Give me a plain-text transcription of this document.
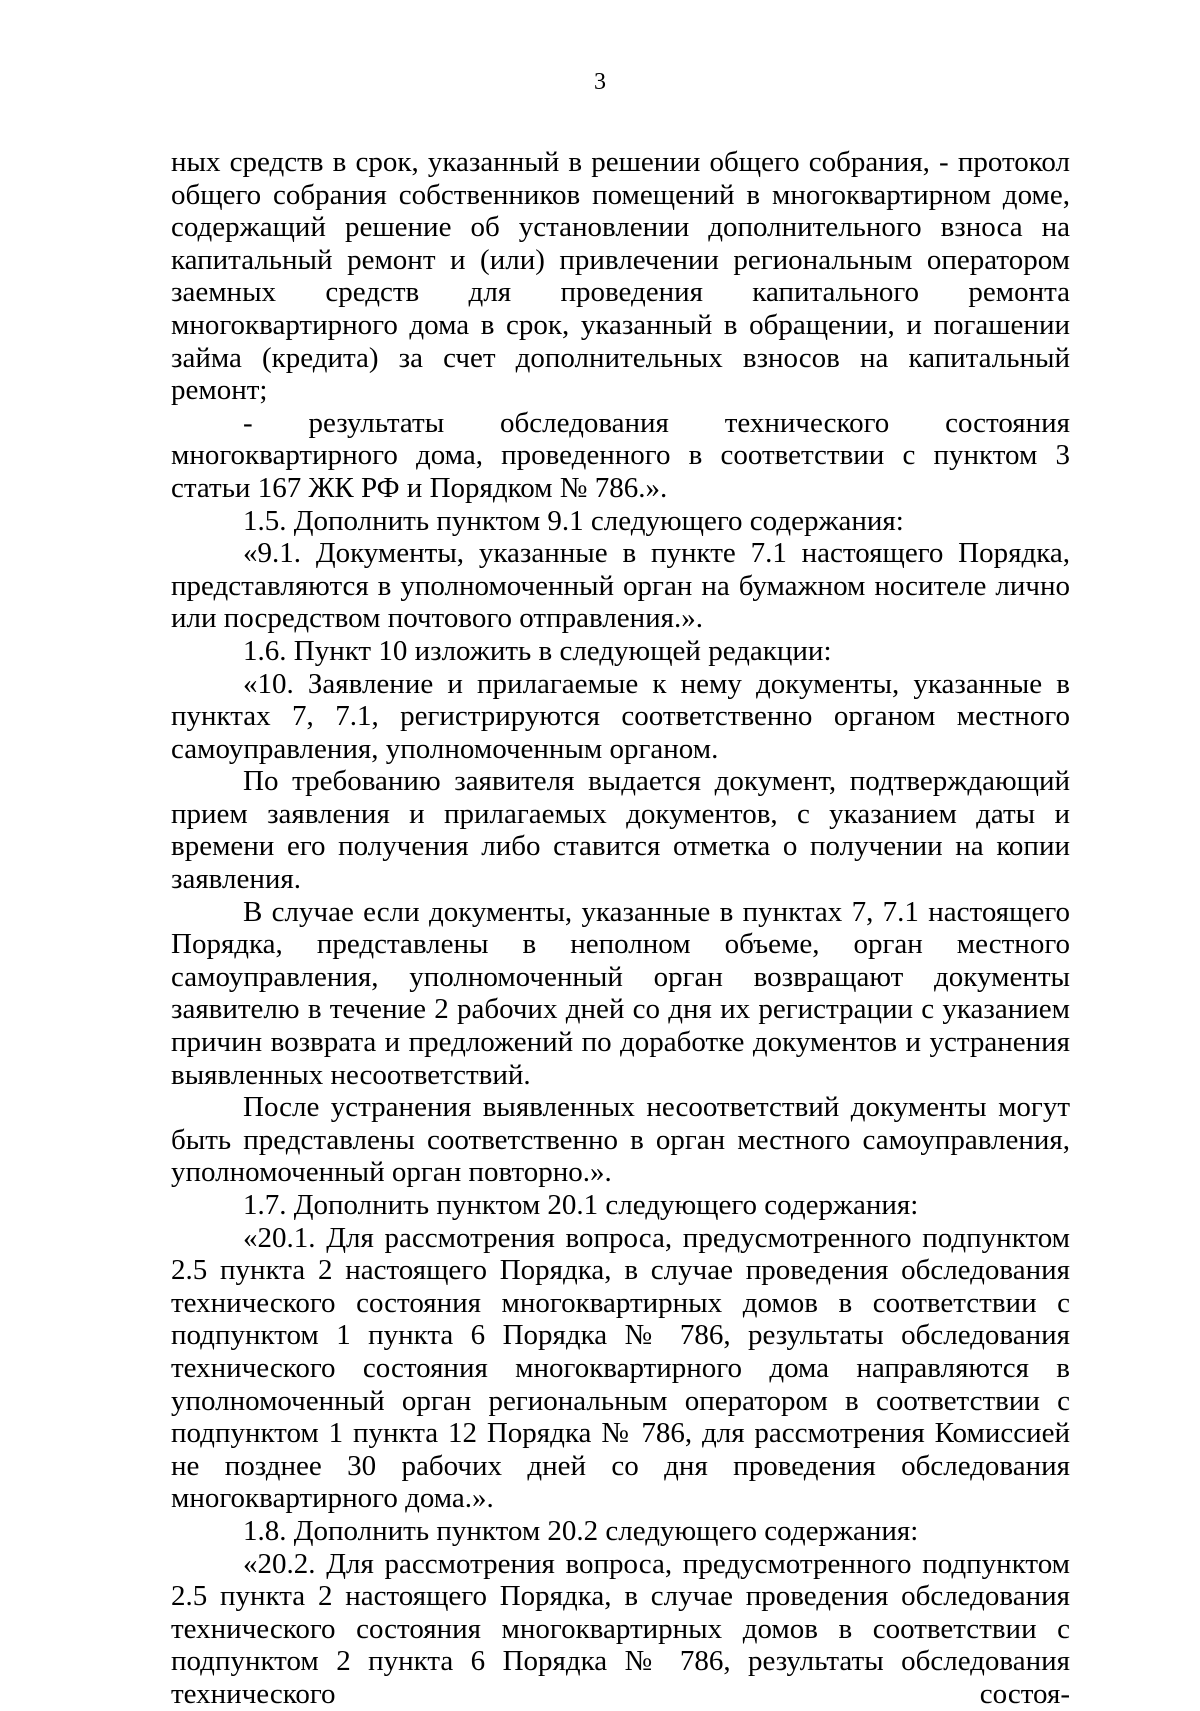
3

ных средств в срок, указанный в решении общего собрания, - протокол общего собрания собственников помещений в многоквартирном доме, содержащий решение об установлении дополнительного взноса на капитальный ремонт и (или) привлечении региональным оператором заемных средств для проведения капитального ремонта многоквартирного дома в срок, указанный в обращении, и погашении займа (кредита) за счет дополнительных взносов на капитальный ремонт;

- результаты обследования технического состояния многоквартирного дома, проведенного в соответствии с пунктом 3 статьи 167 ЖК РФ и Порядком № 786.».

1.5. Дополнить пунктом 9.1 следующего содержания:

«9.1. Документы, указанные в пункте 7.1 настоящего Порядка, представляются в уполномоченный орган на бумажном носителе лично или посредством почтового отправления.».

1.6. Пункт 10 изложить в следующей редакции:

«10. Заявление и прилагаемые к нему документы, указанные в пунктах 7, 7.1, регистрируются соответственно органом местного самоуправления, уполномоченным органом.

По требованию заявителя выдается документ, подтверждающий прием заявления и прилагаемых документов, с указанием даты и времени его получения либо ставится отметка о получении на копии заявления.

В случае если документы, указанные в пунктах 7, 7.1 настоящего Порядка, представлены в неполном объеме, орган местного самоуправления, уполномоченный орган возвращают документы заявителю в течение 2 рабочих дней со дня их регистрации с указанием причин возврата и предложений по доработке документов и устранения выявленных несоответствий.

После устранения выявленных несоответствий документы могут быть представлены соответственно в орган местного самоуправления, уполномоченный орган повторно.».

1.7. Дополнить пунктом 20.1 следующего содержания:

«20.1. Для рассмотрения вопроса, предусмотренного подпунктом 2.5 пункта 2 настоящего Порядка, в случае проведения обследования технического состояния многоквартирных домов в соответствии с подпунктом 1 пункта 6 Порядка № 786, результаты обследования технического состояния многоквартирного дома направляются в уполномоченный орган региональным оператором в соответствии с подпунктом 1 пункта 12 Порядка № 786, для рассмотрения Комиссией не позднее 30 рабочих дней со дня проведения обследования многоквартирного дома.».

1.8. Дополнить пунктом 20.2 следующего содержания:

«20.2. Для рассмотрения вопроса, предусмотренного подпунктом 2.5 пункта 2 настоящего Порядка, в случае проведения обследования технического состояния многоквартирных домов в соответствии с подпунктом 2 пункта 6 Порядка № 786, результаты обследования технического состоя-
